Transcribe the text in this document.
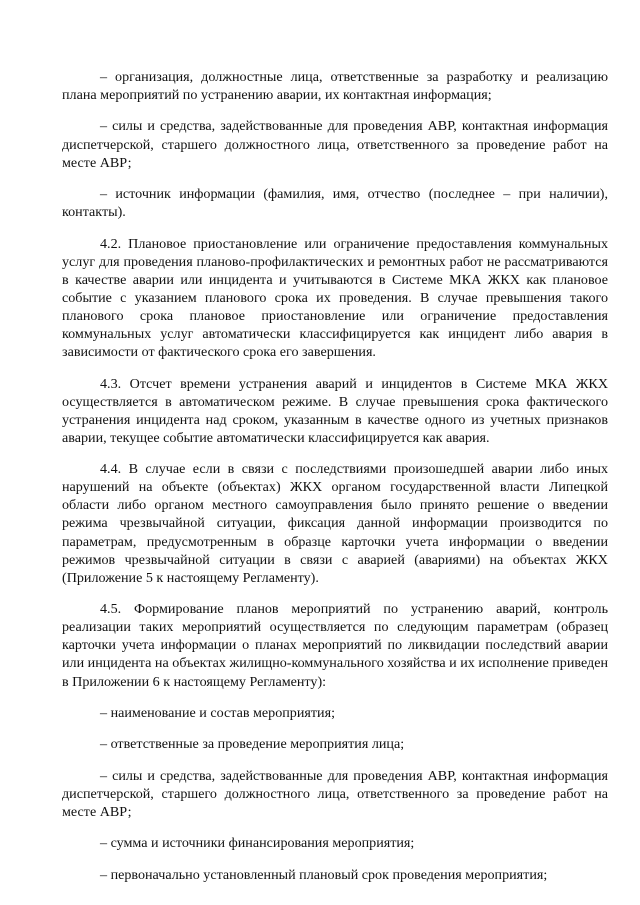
– организация, должностные лица, ответственные за разработку и реализацию плана мероприятий по устранению аварии, их контактная информация;

– силы и средства, задействованные для проведения АВР, контактная информация диспетчерской, старшего должностного лица, ответственного за проведение работ на месте АВР;

– источник информации (фамилия, имя, отчество (последнее – при наличии), контакты).

4.2. Плановое приостановление или ограничение предоставления коммунальных услуг для проведения планово-профилактических и ремонтных работ не рассматриваются в качестве аварии или инцидента и учитываются в Системе МКА ЖКХ как плановое событие с указанием планового срока их проведения. В случае превышения такого планового срока плановое приостановление или ограничение предоставления коммунальных услуг автоматически классифицируется как инцидент либо авария в зависимости от фактического срока его завершения.

4.3. Отсчет времени устранения аварий и инцидентов в Системе МКА ЖКХ осуществляется в автоматическом режиме. В случае превышения срока фактического устранения инцидента над сроком, указанным в качестве одного из учетных признаков аварии, текущее событие автоматически классифицируется как авария.

4.4. В случае если в связи с последствиями произошедшей аварии либо иных нарушений на объекте (объектах) ЖКХ органом государственной власти Липецкой области либо органом местного самоуправления было принято решение о введении режима чрезвычайной ситуации, фиксация данной информации производится по параметрам, предусмотренным в образце карточки учета информации о введении режимов чрезвычайной ситуации в связи с аварией (авариями) на объектах ЖКХ (Приложение 5 к настоящему Регламенту).

4.5. Формирование планов мероприятий по устранению аварий, контроль реализации таких мероприятий осуществляется по следующим параметрам (образец карточки учета информации о планах мероприятий по ликвидации последствий аварии или инцидента на объектах жилищно-коммунального хозяйства и их исполнение приведен в Приложении 6 к настоящему Регламенту):

– наименование и состав мероприятия;

– ответственные за проведение мероприятия лица;

– силы и средства, задействованные для проведения АВР, контактная информация диспетчерской, старшего должностного лица, ответственного за проведение работ на месте АВР;

– сумма и источники финансирования мероприятия;

– первоначально установленный плановый срок проведения мероприятия;
